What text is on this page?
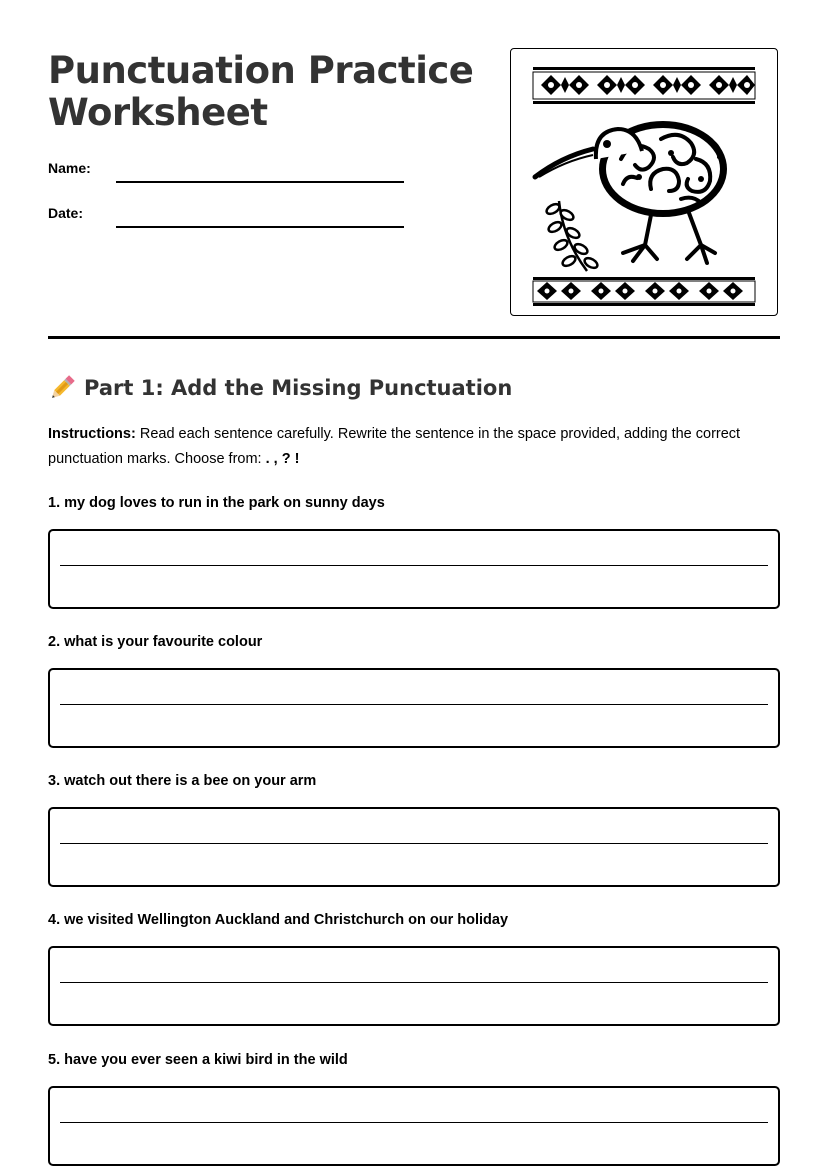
Punctuation Practice
Worksheet
Name:
Date:
Part 1: Add the Missing Punctuation
Instructions: Read each sentence carefully. Rewrite the sentence in the space provided, adding the correct punctuation marks. Choose from: . , ? !
1. my dog loves to run in the park on sunny days
2. what is your favourite colour
3. watch out there is a bee on your arm
4. we visited Wellington Auckland and Christchurch on our holiday
5. have you ever seen a kiwi bird in the wild
